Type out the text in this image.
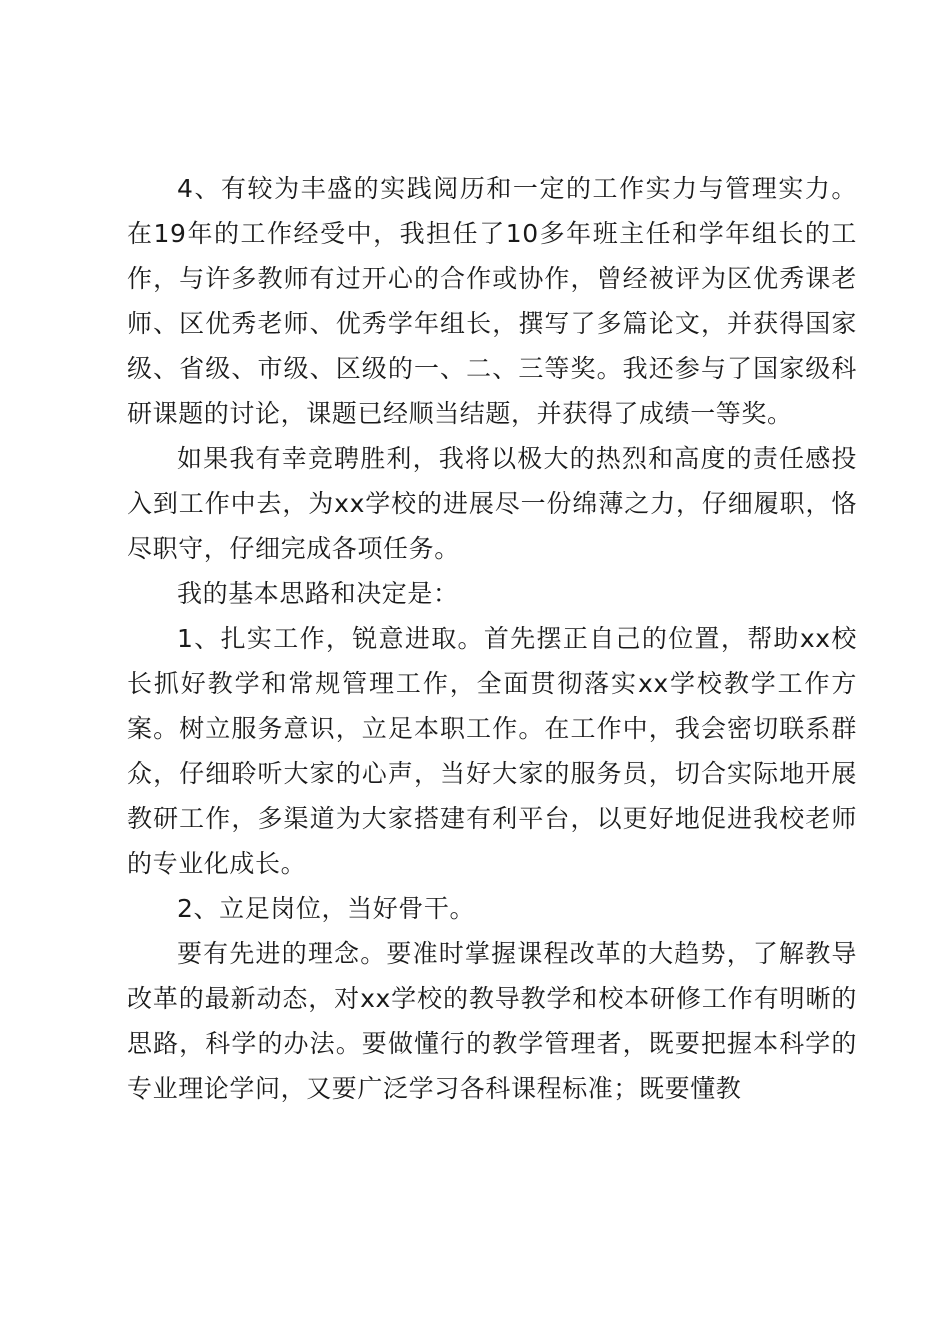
4、有较为丰盛的实践阅历和一定的工作实力与管理实力。在19年的工作经受中，我担任了10多年班主任和学年组长的工作，与许多教师有过开心的合作或协作，曾经被评为区优秀课老师、区优秀老师、优秀学年组长，撰写了多篇论文，并获得国家级、省级、市级、区级的一、二、三等奖。我还参与了国家级科研课题的讨论，课题已经顺当结题，并获得了成绩一等奖。

如果我有幸竞聘胜利，我将以极大的热烈和高度的责任感投入到工作中去，为xx学校的进展尽一份绵薄之力，仔细履职，恪尽职守，仔细完成各项任务。

我的基本思路和决定是：

1、扎实工作，锐意进取。首先摆正自己的位置，帮助xx校长抓好教学和常规管理工作，全面贯彻落实xx学校教学工作方案。树立服务意识，立足本职工作。在工作中，我会密切联系群众，仔细聆听大家的心声，当好大家的服务员，切合实际地开展教研工作，多渠道为大家搭建有利平台，以更好地促进我校老师的专业化成长。

2、立足岗位，当好骨干。

要有先进的理念。要准时掌握课程改革的大趋势，了解教导改革的最新动态，对xx学校的教导教学和校本研修工作有明晰的思路，科学的办法。要做懂行的教学管理者，既要把握本科学的专业理论学问，又要广泛学习各科课程标准；既要懂教
